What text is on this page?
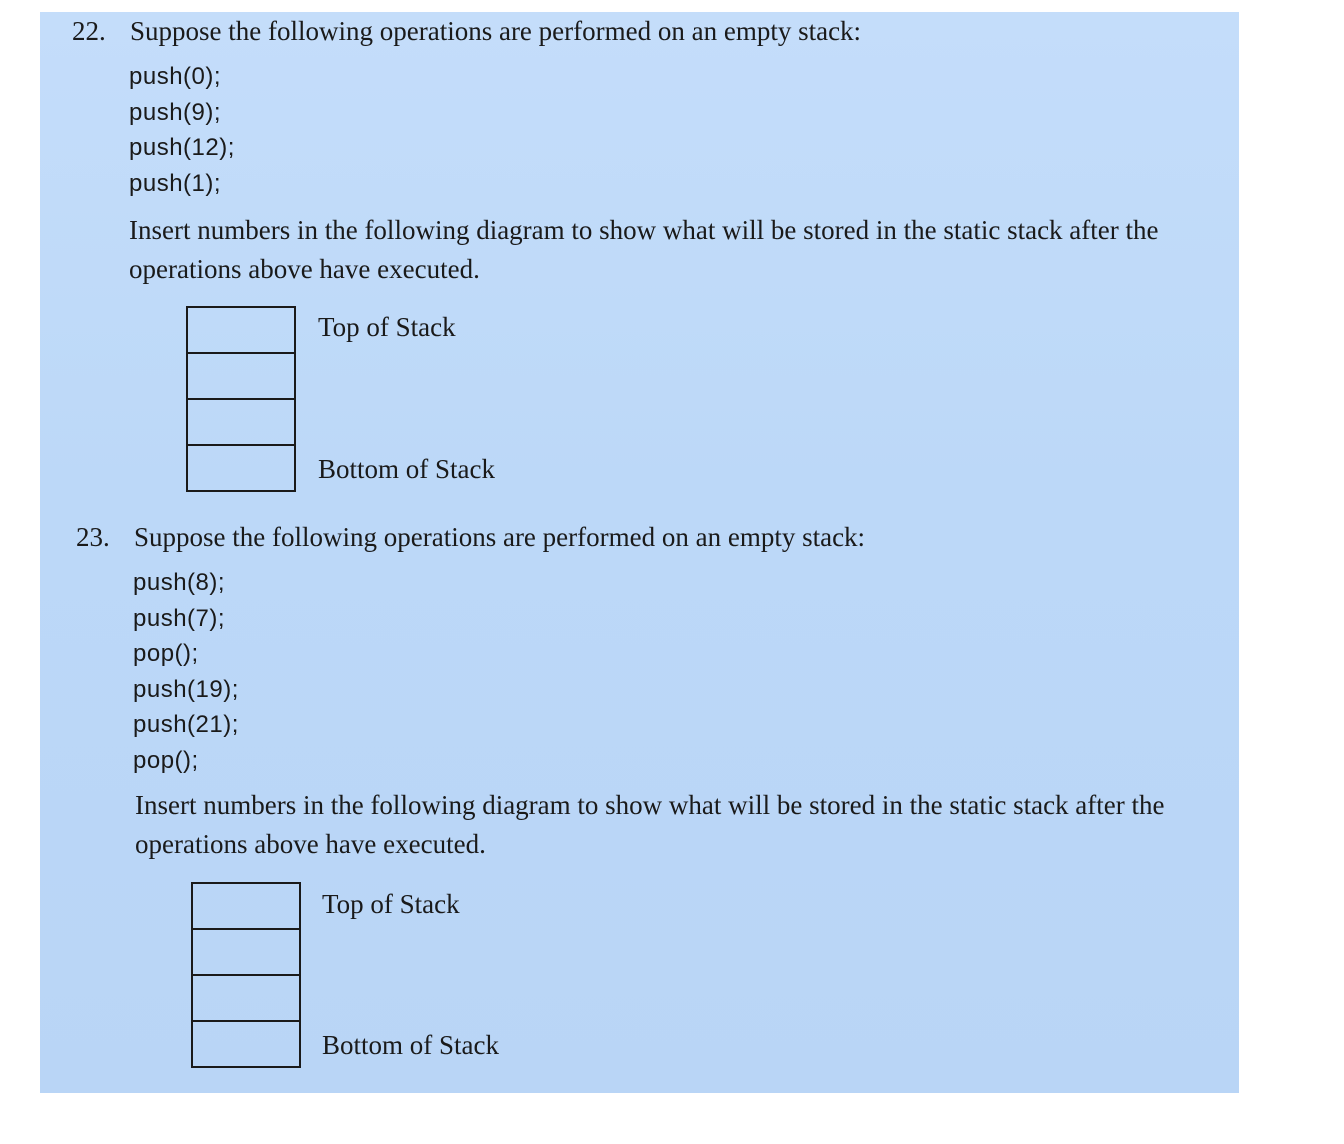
22. Suppose the following operations are performed on an empty stack:
push(0);
push(9);
push(12);
push(1);
Insert numbers in the following diagram to show what will be stored in the static stack after the operations above have executed.
Top of Stack
Bottom of Stack
23. Suppose the following operations are performed on an empty stack:
push(8);
push(7);
pop();
push(19);
push(21);
pop();
Insert numbers in the following diagram to show what will be stored in the static stack after the operations above have executed.
Top of Stack
Bottom of Stack
